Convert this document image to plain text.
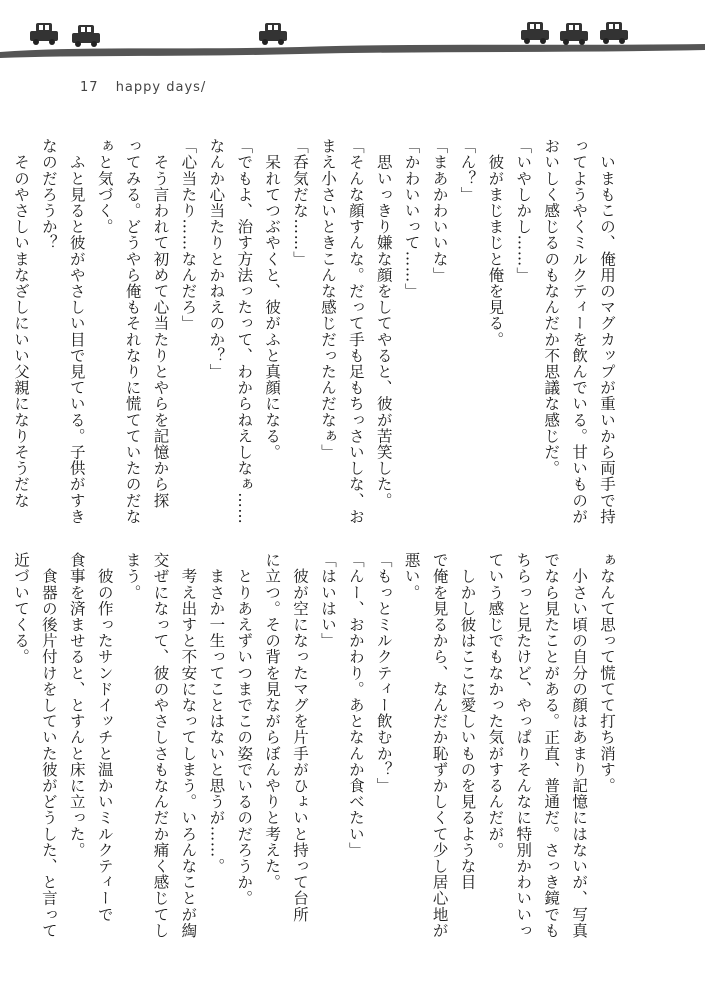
17 happy days/

　いまもこの、俺用のマグカップが重いから両手で持

ってようやくミルクティーを飲んでいる。甘いものが

おいしく感じるのもなんだか不思議な感じだ。

「いやしかし……」

　彼がまじまじと俺を見る。

「ん？」

「まあかわいいな」

「かわいいって……」

　思いっきり嫌な顔をしてやると、彼が苦笑した。

「そんな顔すんな。だって手も足もちっさいしな、お

まえ小さいときこんな感じだったんだなぁ」

「呑気だな……」

　呆れてつぶやくと、彼がふと真顔になる。

「でもよ、治す方法ったって、わからねえしなぁ……

なんか心当たりとかねえのか？」

「心当たり……なんだろ」

　そう言われて初めて心当たりとやらを記憶から探

ってみる。どうやら俺もそれなりに慌てていたのだな

ぁと気づく。

　ふと見ると彼がやさしい目で見ている。子供がすき

なのだろうか？

　そのやさしいまなざしにいい父親になりそうだな

ぁなんて思って慌てて打ち消す。

　小さい頃の自分の顔はあまり記憶にはないが、写真

でなら見たことがある。正直、普通だ。さっき鏡でも

ちらっと見たけど、やっぱりそんなに特別かわいいっ

ていう感じでもなかった気がするんだが。

　しかし彼はここに愛しいものを見るような目

で俺を見るから、なんだか恥ずかしくて少し居心地が

悪い。

「もっとミルクティー飲むか？」

「んー、おかわり。あとなんか食べたい」

「はいはい」

　彼が空になったマグを片手がひょいと持って台所

に立つ。その背を見ながらぼんやりと考えた。

　とりあえずいつまでこの姿でいるのだろうか。

　まさか一生ってことはないと思うが……。

　考え出すと不安になってしまう。いろんなことが綯

交ぜになって、彼のやさしさもなんだか痛く感じてし

まう。

　彼の作ったサンドイッチと温かいミルクティーで

食事を済ませると、とすんと床に立った。

　食器の後片付けをしていた彼がどうした、と言って

近づいてくる。
